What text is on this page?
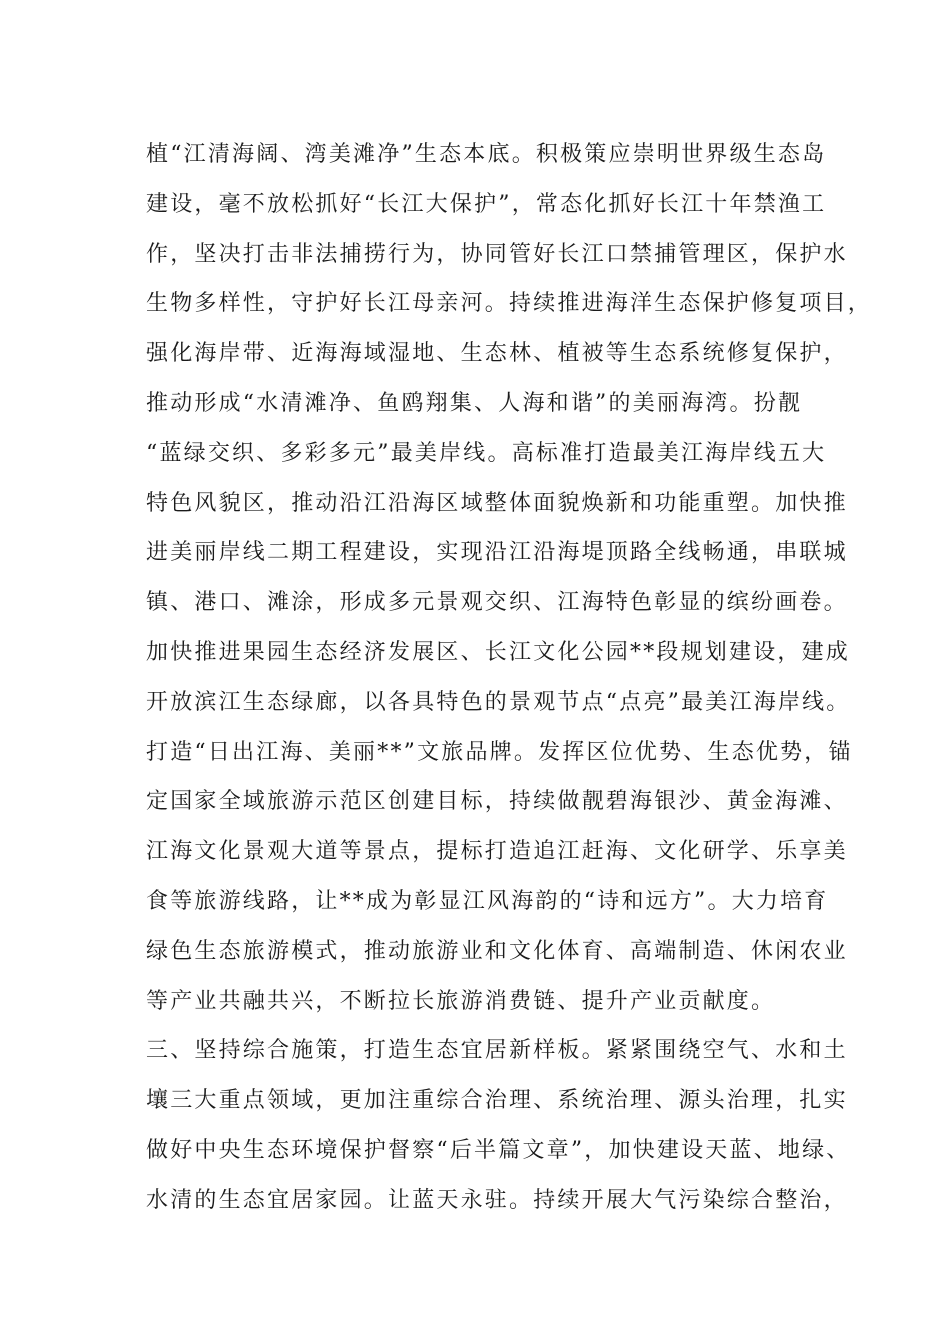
植“江清海阔、湾美滩净”生态本底。积极策应崇明世界级生态岛
建设，毫不放松抓好“长江大保护”，常态化抓好长江十年禁渔工
作，坚决打击非法捕捞行为，协同管好长江口禁捕管理区，保护水
生物多样性，守护好长江母亲河。持续推进海洋生态保护修复项目，
强化海岸带、近海海域湿地、生态林、植被等生态系统修复保护，
推动形成“水清滩净、鱼鸥翔集、人海和谐”的美丽海湾。扮靓
“蓝绿交织、多彩多元”最美岸线。高标准打造最美江海岸线五大
特色风貌区，推动沿江沿海区域整体面貌焕新和功能重塑。加快推
进美丽岸线二期工程建设，实现沿江沿海堤顶路全线畅通，串联城
镇、港口、滩涂，形成多元景观交织、江海特色彰显的缤纷画卷。
加快推进果园生态经济发展区、长江文化公园**段规划建设，建成
开放滨江生态绿廊，以各具特色的景观节点“点亮”最美江海岸线。
打造“日出江海、美丽**”文旅品牌。发挥区位优势、生态优势，锚
定国家全域旅游示范区创建目标，持续做靓碧海银沙、黄金海滩、
江海文化景观大道等景点，提标打造追江赶海、文化研学、乐享美
食等旅游线路，让**成为彰显江风海韵的“诗和远方”。大力培育
绿色生态旅游模式，推动旅游业和文化体育、高端制造、休闲农业
等产业共融共兴，不断拉长旅游消费链、提升产业贡献度。
三、坚持综合施策，打造生态宜居新样板。紧紧围绕空气、水和土
壤三大重点领域，更加注重综合治理、系统治理、源头治理，扎实
做好中央生态环境保护督察“后半篇文章”，加快建设天蓝、地绿、
水清的生态宜居家园。让蓝天永驻。持续开展大气污染综合整治，
